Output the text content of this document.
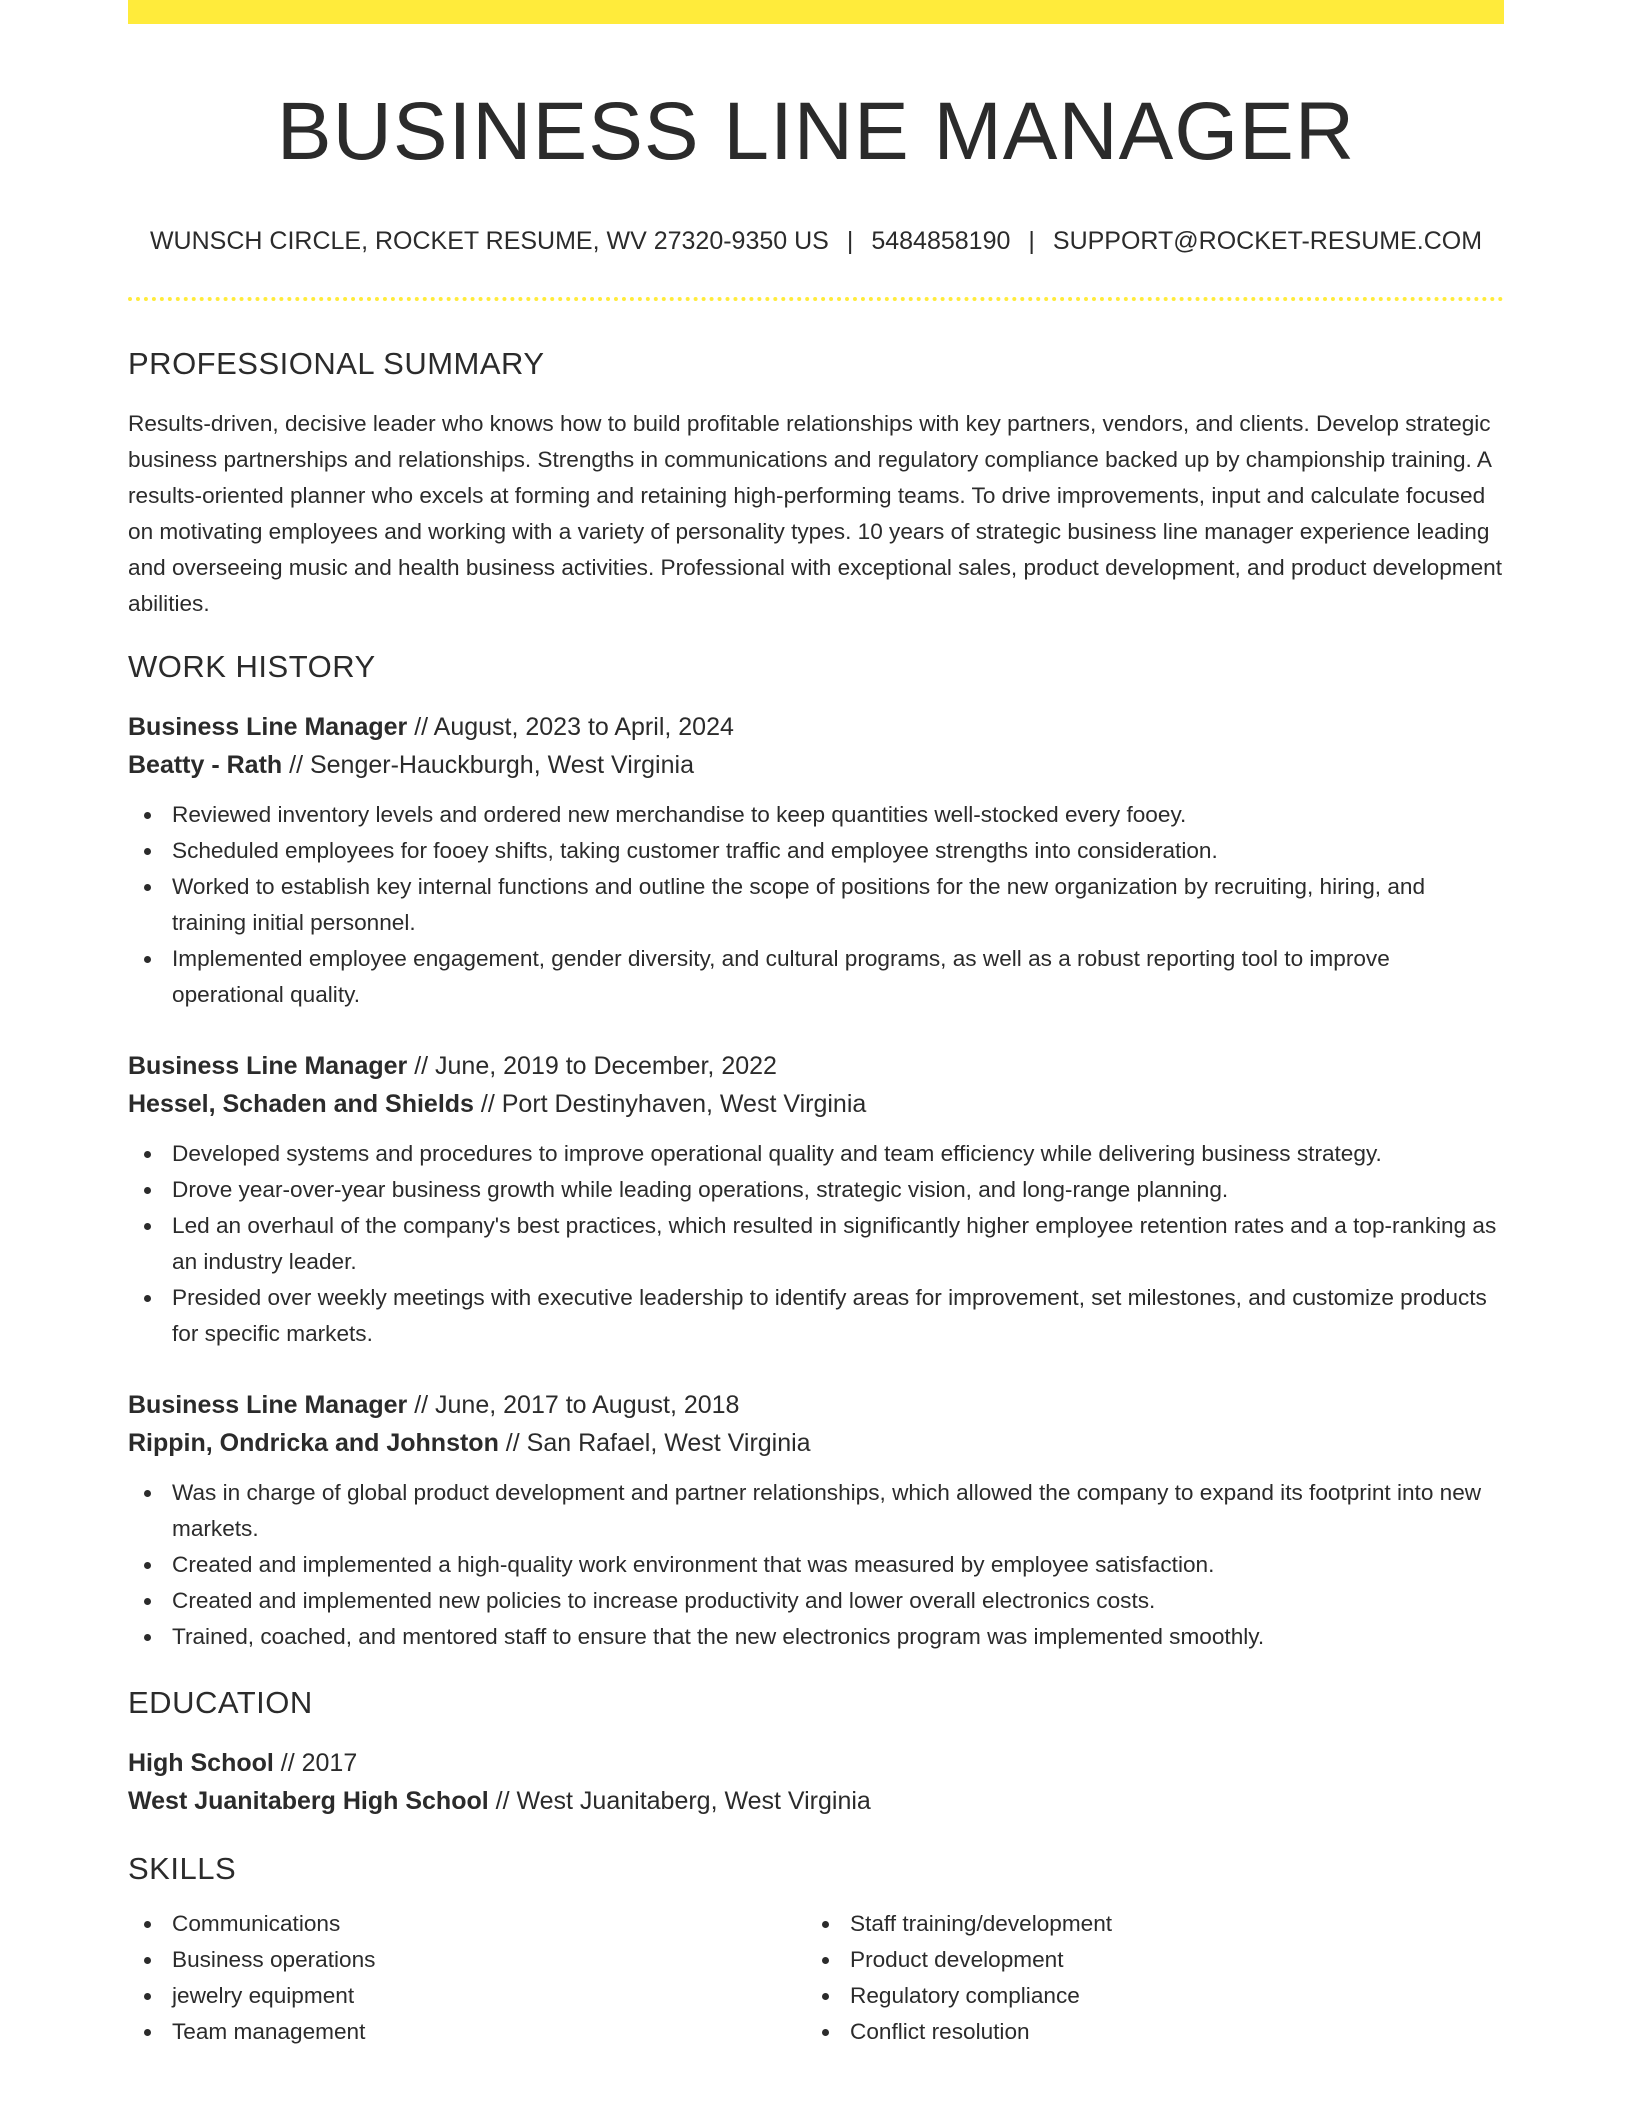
BUSINESS LINE MANAGER
WUNSCH CIRCLE, ROCKET RESUME, WV 27320-9350 US | 5484858190 | SUPPORT@ROCKET-RESUME.COM
PROFESSIONAL SUMMARY

Results-driven, decisive leader who knows how to build profitable relationships with key partners, vendors, and clients. Develop strategic business partnerships and relationships. Strengths in communications and regulatory compliance backed up by championship training. A results-oriented planner who excels at forming and retaining high-performing teams. To drive improvements, input and calculate focused on motivating employees and working with a variety of personality types. 10 years of strategic business line manager experience leading and overseeing music and health business activities. Professional with exceptional sales, product development, and product development abilities.

WORK HISTORY
Business Line Manager // August, 2023 to April, 2024
Beatty - Rath // Senger-Hauckburgh, West Virginia
Reviewed inventory levels and ordered new merchandise to keep quantities well-stocked every fooey.
Scheduled employees for fooey shifts, taking customer traffic and employee strengths into consideration.
Worked to establish key internal functions and outline the scope of positions for the new organization by recruiting, hiring, and training initial personnel.
Implemented employee engagement, gender diversity, and cultural programs, as well as a robust reporting tool to improve operational quality.
Business Line Manager // June, 2019 to December, 2022
Hessel, Schaden and Shields // Port Destinyhaven, West Virginia
Developed systems and procedures to improve operational quality and team efficiency while delivering business strategy.
Drove year-over-year business growth while leading operations, strategic vision, and long-range planning.
Led an overhaul of the company's best practices, which resulted in significantly higher employee retention rates and a top-ranking as an industry leader.
Presided over weekly meetings with executive leadership to identify areas for improvement, set milestones, and customize products for specific markets.
Business Line Manager // June, 2017 to August, 2018
Rippin, Ondricka and Johnston // San Rafael, West Virginia
Was in charge of global product development and partner relationships, which allowed the company to expand its footprint into new markets.
Created and implemented a high-quality work environment that was measured by employee satisfaction.
Created and implemented new policies to increase productivity and lower overall electronics costs.
Trained, coached, and mentored staff to ensure that the new electronics program was implemented smoothly.
EDUCATION
High School // 2017
West Juanitaberg High School // West Juanitaberg, West Virginia
SKILLS
Communications
Business operations
jewelry equipment
Team management
Staff training/development
Product development
Regulatory compliance
Conflict resolution
